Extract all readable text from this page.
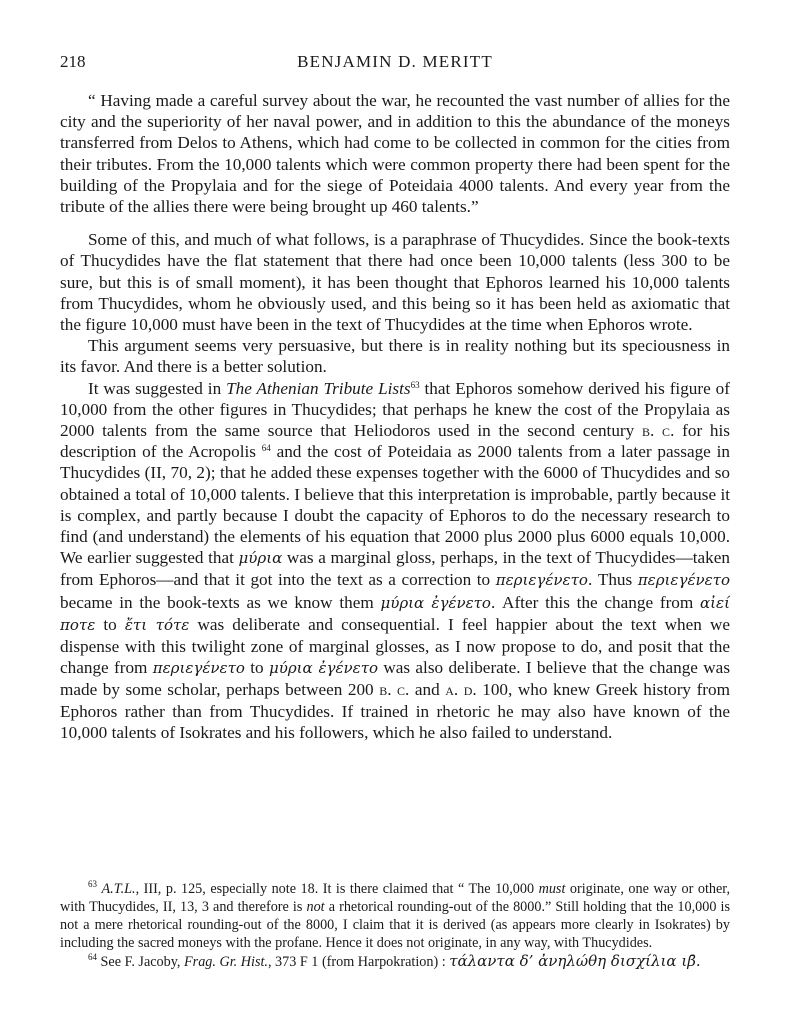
218	BENJAMIN D. MERITT

“ Having made a careful survey about the war, he recounted the vast number of allies for the city and the superiority of her naval power, and in addition to this the abundance of the moneys transferred from Delos to Athens, which had come to be collected in common for the cities from their tributes. From the 10,000 talents which were common property there had been spent for the building of the Propylaia and for the siege of Poteidaia 4000 talents. And every year from the tribute of the allies there were being brought up 460 talents.”

Some of this, and much of what follows, is a paraphrase of Thucydides. Since the book-texts of Thucydides have the flat statement that there had once been 10,000 talents (less 300 to be sure, but this is of small moment), it has been thought that Ephoros learned his 10,000 talents from Thucydides, whom he obviously used, and this being so it has been held as axiomatic that the figure 10,000 must have been in the text of Thucydides at the time when Ephoros wrote.

This argument seems very persuasive, but there is in reality nothing but its speciousness in its favor. And there is a better solution.

It was suggested in The Athenian Tribute Lists$^{63}$ that Ephoros somehow derived his figure of 10,000 from the other figures in Thucydides; that perhaps he knew the cost of the Propylaia as 2000 talents from the same source that Heliodoros used in the second century b. c. for his description of the Acropolis $^{64}$ and the cost of Poteidaia as 2000 talents from a later passage in Thucydides (II, 70, 2); that he added these expenses together with the 6000 of Thucydides and so obtained a total of 10,000 talents. I believe that this interpretation is improbable, partly because it is complex, and partly because I doubt the capacity of Ephoros to do the necessary research to find (and understand) the elements of his equation that 2000 plus 2000 plus 6000 equals 10,000. We earlier suggested that μύρια was a marginal gloss, perhaps, in the text of Thucydides—taken from Ephoros—and that it got into the text as a correction to περιεγένετο. Thus περιεγένετο became in the book-texts as we know them μύρια ἐγένετο. After this the change from αἰεί ποτε to ἔτι τότε was deliberate and consequential. I feel happier about the text when we dispense with this twilight zone of marginal glosses, as I now propose to do, and posit that the change from περιεγένετο to μύρια ἐγένετο was also deliberate. I believe that the change was made by some scholar, perhaps between 200 b. c. and a. d. 100, who knew Greek history from Ephoros rather than from Thucydides. If trained in rhetoric he may also have known of the 10,000 talents of Isokrates and his followers, which he also failed to understand.

$^{63}$ A.T.L., III, p. 125, especially note 18. It is there claimed that “ The 10,000 must originate, one way or other, with Thucydides, II, 13, 3 and therefore is not a rhetorical rounding-out of the 8000.” Still holding that the 10,000 is not a mere rhetorical rounding-out of the 8000, I claim that it is derived (as appears more clearly in Isokrates) by including the sacred moneys with the profane. Hence it does not originate, in any way, with Thucydides.

$^{64}$ See F. Jacoby, Frag. Gr. Hist., 373 F 1 (from Harpokration) : τάλαντα δ’ ἀνηλώθη δισχίλια ιβ̄.
